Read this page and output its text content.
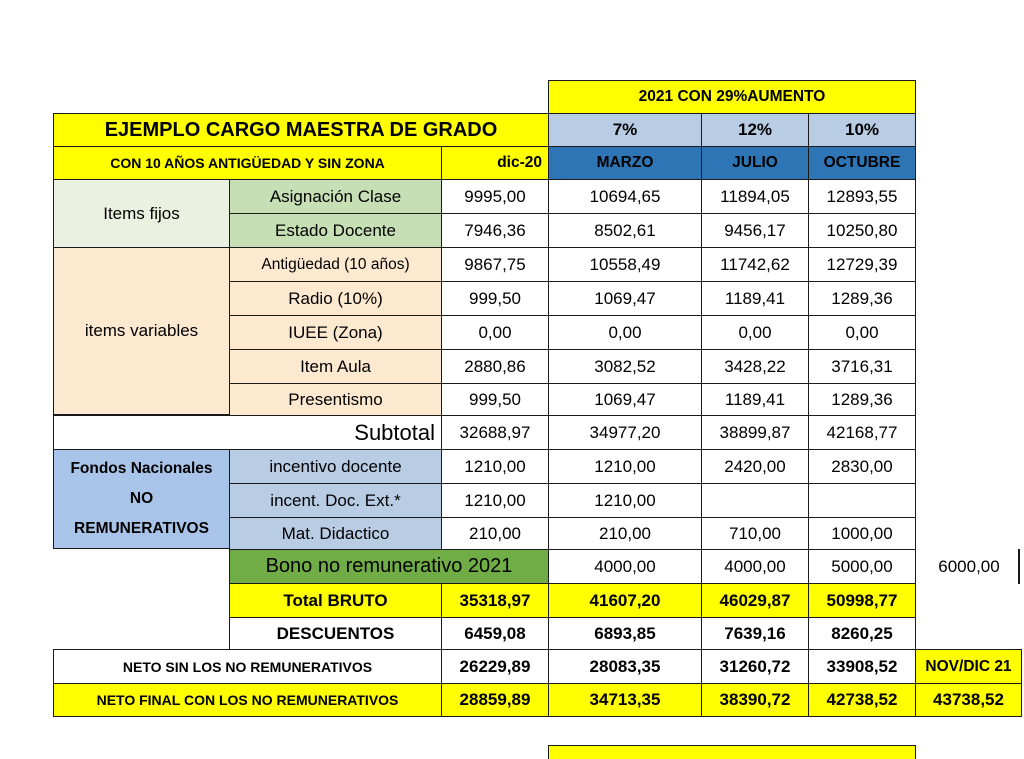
2021 CON 29%AUMENTO
EJEMPLO CARGO MAESTRA DE GRADO	7%	12%	10%
CON 10 AÑOS ANTIGÜEDAD Y SIN ZONA	dic-20	MARZO	JULIO	OCTUBRE
Items fijos
items variables
Fondos Nacionales
NO
REMUNERATIVOS
Asignación Clase	9995,00	10694,65	11894,05	12893,55
Estado Docente	7946,36	8502,61	9456,17	10250,80
Antigüedad (10 años)	9867,75	10558,49	11742,62	12729,39
Radio (10%)	999,50	1069,47	1189,41	1289,36
IUEE (Zona)	0,00	0,00	0,00	0,00
Item Aula	2880,86	3082,52	3428,22	3716,31
Presentismo	999,50	1069,47	1189,41	1289,36
Subtotal	32688,97	34977,20	38899,87	42168,77
incentivo docente	1210,00	1210,00	2420,00	2830,00
incent. Doc. Ext.*	1210,00	1210,00
Mat. Didactico	210,00	210,00	710,00	1000,00
Bono no remunerativo 2021	4000,00	4000,00	5000,00	6000,00
Total BRUTO	35318,97	41607,20	46029,87	50998,77
DESCUENTOS	6459,08	6893,85	7639,16	8260,25
NETO SIN LOS NO REMUNERATIVOS	26229,89	28083,35	31260,72	33908,52	NOV/DIC 21
NETO FINAL CON LOS NO REMUNERATIVOS	28859,89	34713,35	38390,72	42738,52	43738,52
